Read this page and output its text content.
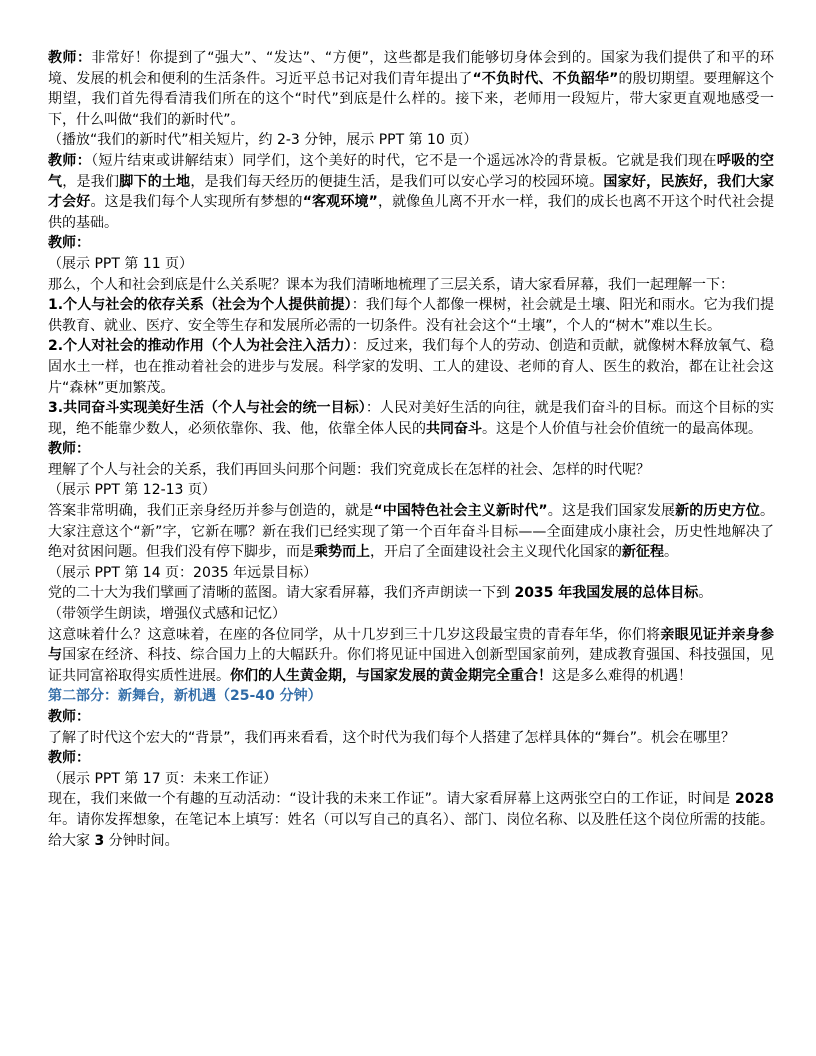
教师：非常好！你提到了“强大”、“发达”、“方便”，这些都是我们能够切身体会到的。国家为我们提供了和平的环境、发展的机会和便利的生活条件。习近平总书记对我们青年提出了“不负时代、不负韶华”的殷切期望。要理解这个期望，我们首先得看清我们所在的这个“时代”到底是什么样的。接下来，老师用一段短片，带大家更直观地感受一下，什么叫做“我们的新时代”。

（播放“我们的新时代”相关短片，约 2-3 分钟，展示 PPT 第 10 页）

教师：（短片结束或讲解结束）同学们，这个美好的时代，它不是一个遥远冰冷的背景板。它就是我们现在呼吸的空气，是我们脚下的土地，是我们每天经历的便捷生活，是我们可以安心学习的校园环境。国家好，民族好，我们大家才会好。这是我们每个人实现所有梦想的“客观环境”，就像鱼儿离不开水一样，我们的成长也离不开这个时代社会提供的基础。

教师：

（展示 PPT 第 11 页）

那么，个人和社会到底是什么关系呢？课本为我们清晰地梳理了三层关系，请大家看屏幕，我们一起理解一下：

1.个人与社会的依存关系（社会为个人提供前提）：我们每个人都像一棵树，社会就是土壤、阳光和雨水。它为我们提供教育、就业、医疗、安全等生存和发展所必需的一切条件。没有社会这个“土壤”，个人的“树木”难以生长。

2.个人对社会的推动作用（个人为社会注入活力）：反过来，我们每个人的劳动、创造和贡献，就像树木释放氧气、稳固水土一样，也在推动着社会的进步与发展。科学家的发明、工人的建设、老师的育人、医生的救治，都在让社会这片“森林”更加繁茂。

3.共同奋斗实现美好生活（个人与社会的统一目标）：人民对美好生活的向往，就是我们奋斗的目标。而这个目标的实现，绝不能靠少数人，必须依靠你、我、他，依靠全体人民的共同奋斗。这是个人价值与社会价值统一的最高体现。

教师：

理解了个人与社会的关系，我们再回头问那个问题：我们究竟成长在怎样的社会、怎样的时代呢？

（展示 PPT 第 12-13 页）

答案非常明确，我们正亲身经历并参与创造的，就是“中国特色社会主义新时代”。这是我们国家发展新的历史方位。大家注意这个“新”字，它新在哪？新在我们已经实现了第一个百年奋斗目标——全面建成小康社会，历史性地解决了绝对贫困问题。但我们没有停下脚步，而是乘势而上，开启了全面建设社会主义现代化国家的新征程。

（展示 PPT 第 14 页：2035 年远景目标）

党的二十大为我们擘画了清晰的蓝图。请大家看屏幕，我们齐声朗读一下到 2035 年我国发展的总体目标。

（带领学生朗读，增强仪式感和记忆）

这意味着什么？这意味着，在座的各位同学，从十几岁到三十几岁这段最宝贵的青春年华，你们将亲眼见证并亲身参与国家在经济、科技、综合国力上的大幅跃升。你们将见证中国进入创新型国家前列，建成教育强国、科技强国，见证共同富裕取得实质性进展。你们的人生黄金期，与国家发展的黄金期完全重合！这是多么难得的机遇！

第二部分：新舞台，新机遇（25-40 分钟）

教师：

了解了时代这个宏大的“背景”，我们再来看看，这个时代为我们每个人搭建了怎样具体的“舞台”。机会在哪里？

教师：

（展示 PPT 第 17 页：未来工作证）

现在，我们来做一个有趣的互动活动：“设计我的未来工作证”。请大家看屏幕上这两张空白的工作证，时间是 2028 年。请你发挥想象，在笔记本上填写：姓名（可以写自己的真名）、部门、岗位名称、以及胜任这个岗位所需的技能。给大家 3 分钟时间。
